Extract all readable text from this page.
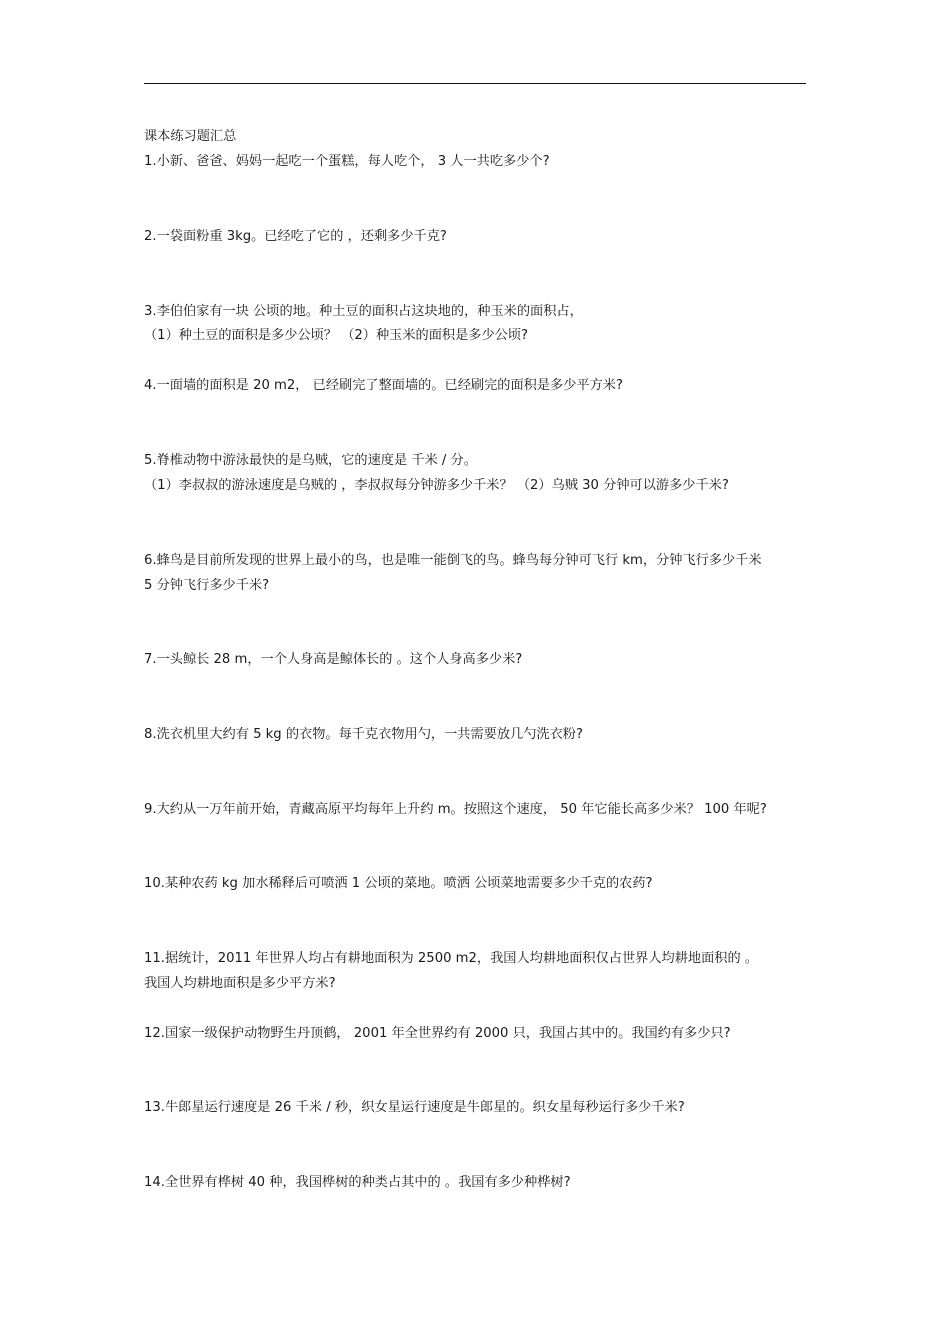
课本练习题汇总
1.小新、爸爸、妈妈一起吃一个蛋糕，每人吃个， 3 人一共吃多少个?
2.一袋面粉重 3kg。已经吃了它的 ，还剩多少千克?
3.李伯伯家有一块 公顷的地。种土豆的面积占这块地的，种玉米的面积占，
（1）种土豆的面积是多少公顷？ （2）种玉米的面积是多少公顷?
4.一面墙的面积是 20 m2， 已经刷完了整面墙的。已经刷完的面积是多少平方米?
5.脊椎动物中游泳最快的是乌贼，它的速度是 千米 / 分。
（1）李叔叔的游泳速度是乌贼的 ，李叔叔每分钟游多少千米？ （2）乌贼 30 分钟可以游多少千米?
6.蜂鸟是目前所发现的世界上最小的鸟，也是唯一能倒飞的鸟。蜂鸟每分钟可飞行 km，分钟飞行多少千米
5 分钟飞行多少千米?
7.一头鲸长 28 m，一个人身高是鲸体长的 。这个人身高多少米?
8.洗衣机里大约有 5 kg 的衣物。每千克衣物用勺，一共需要放几勺洗衣粉?
9.大约从一万年前开始，青藏高原平均每年上升约 m。按照这个速度， 50 年它能长高多少米？ 100 年呢?
10.某种农药 kg 加水稀释后可喷洒 1 公顷的菜地。喷洒 公顷菜地需要多少千克的农药?
11.据统计，2011 年世界人均占有耕地面积为 2500 m2，我国人均耕地面积仅占世界人均耕地面积的 。
我国人均耕地面积是多少平方米?
12.国家一级保护动物野生丹顶鹤， 2001 年全世界约有 2000 只，我国占其中的。我国约有多少只?
13.牛郎星运行速度是 26 千米 / 秒，织女星运行速度是牛郎星的。织女星每秒运行多少千米?
14.全世界有桦树 40 种，我国桦树的种类占其中的 。我国有多少种桦树?
